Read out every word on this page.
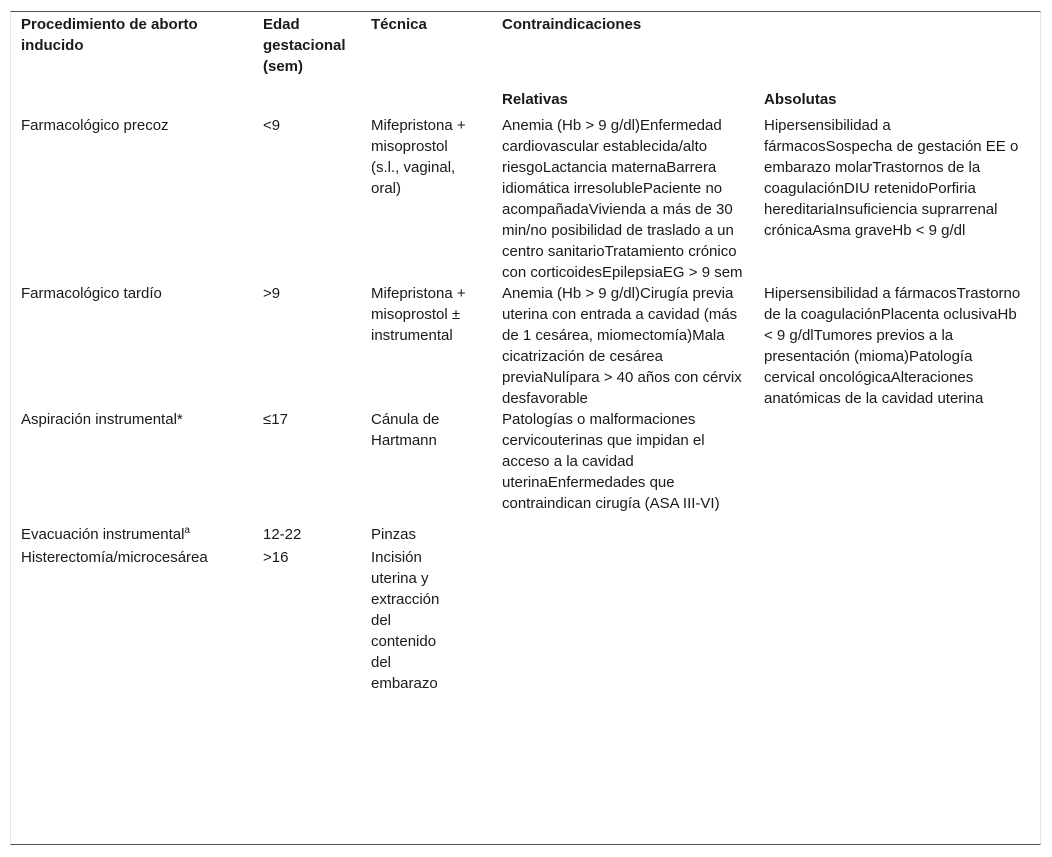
Procedimiento de aborto inducido	Edad gestacional (sem)	Técnica	Contraindicaciones	
			Relativas	Absolutas
Farmacológico precoz	<9	Mifepristona + misoprostol (s.l., vaginal, oral)	Anemia (Hb > 9 g/dl)Enfermedad cardiovascular establecida/alto riesgoLactancia maternaBarrera idiomática irresolublePaciente no acompañadaVivienda a más de 30 min/no posibilidad de traslado a un centro sanitarioTratamiento crónico con corticoidesEpilepsiaEG > 9 sem	Hipersensibilidad a fármacosSospecha de gestación EE o embarazo molarTrastornos de la coagulaciónDIU retenidoPorfiria hereditariaInsuficiencia suprarrenal crónicaAsma graveHb < 9 g/dl
Farmacológico tardío	>9	Mifepristona + misoprostol ± instrumental	Anemia (Hb > 9 g/dl)Cirugía previa uterina con entrada a cavidad (más de 1 cesárea, miomectomía)Mala cicatrización de cesárea previaNulípara > 40 años con cérvix desfavorable	Hipersensibilidad a fármacosTrastorno de la coagulaciónPlacenta oclusivaHb < 9 g/dlTumores previos a la presentación (mioma)Patología cervical oncológicaAlteraciones anatómicas de la cavidad uterina
Aspiración instrumental*	≤17	Cánula de Hartmann	Patologías o malformaciones cervicouterinas que impidan el acceso a la cavidad uterinaEnfermedades que contraindican cirugía (ASA III-VI)	
Evacuación instrumental$^a$	12-22	Pinzas		
Histerectomía/microcesárea	>16	Incisión uterina y extracción del contenido del embarazo		
